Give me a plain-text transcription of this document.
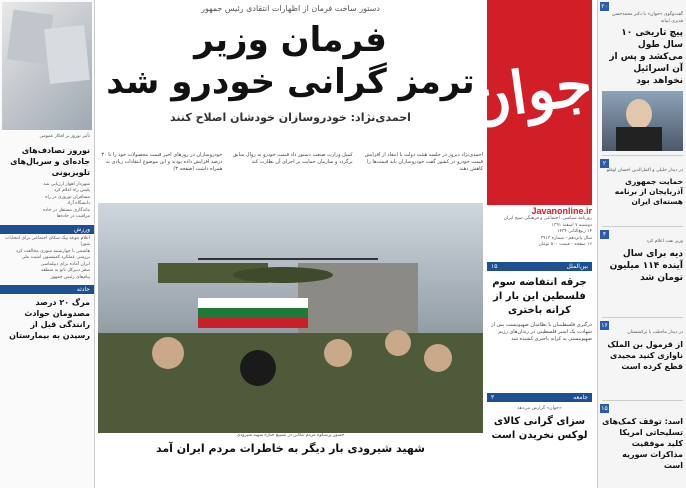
۲۰
گفت‌وگوی «جوان» با دکتر محمدحسن قدیری ابیانه
پیچ تاریخی ۱۰ سال طول می‌کشد و پس از آن اسرائیل نخواهد بود
۲
در دیدار جلیلی و اکمل‌الدین احسان اوغلو
حمایت جمهوری آذربایجان از برنامه هسته‌ای ایران
۴
وزیر نفت اعلام کرد
دیه برای سال آینده ۱۱۴ میلیون تومان شد
۱۶
در دیدار ماه‌طب با ترکمنستان
از قرمول بن الملک ناوازی کنید مجیدی قطع کرده است
۱۵
اسد: توقف کمک‌های تسلیحاتی امریکا کلید موفقیت مذاکرات سوریه است
جوان
Javanonline.ir
روزنامه سیاسی، اجتماعی و فرهنگی صبح ایران
دوشنبه ۷ اسفند ۱۳۹۱
۱۴ ربیع‌الثانی ۱۴۳۴
سال پانزدهم - شماره ۳۹۱۳
۱۶ صفحه - قیمت ۵۰۰ تومان
دستور ساخت فرمان از اظهارات انتقادی رئیس جمهور
فرمان وزیر
ترمز گرانی خودرو شد
احمدی‌نژاد: خودروسازان خودشان اصلاح کنند
احمدی‌نژاد دیروز در جلسه هیئت دولت با انتقاد از افزایش قیمت خودرو در کشور گفت خودروسازان باید قیمت‌ها را کاهش دهند
کمیل وزارت صنعت دستور داد قیمت خودرو به روال سابق برگردد و سازمان حمایت بر اجرای آن نظارت کند
خودروسازان در روزهای اخیر قیمت محصولات خود را تا ۳۰ درصد افزایش داده بودند و این موضوع انتقادات زیادی به همراه داشت (صفحه ۳)
حضور پرشکوه مردم تنکابن در تشییع جنازه شهید شیرودی
شهید شیرودی بار دیگر به خاطرات مردم ایران آمد
بین‌الملل
۱۵
جرقه انتفاضه سوم فلسطین این بار از کرانه باختری
درگیری فلسطینیان با نظامیان صهیونیست پس از شهادت یک اسیر فلسطینی در زندان‌های رژیم صهیونیستی به کرانه باختری کشیده شد
جامعه
۳
«جوان» گزارش می‌دهد
سزای گرانی کالای لوکس نخریدن است
تأثیر نوروز بر افکار عمومی
نوروز تصادف‌های جاده‌ای و سریال‌های تلویزیونی
شهردار اهواز ارزیابی شد
پلیس راه اعلام کرد
مسافران نوروزی در راه
دانشگاه آزاد
ماندگاری مستقل در جاده
مراقبت در جاده‌ها
ورزش
اعلام موعد پیک سکای اجتماعی برای انتخابات شورا
هاشمی با چهارشنبه سوری مخالفت کرد
بررسی عملکرد کمیسیون امنیت ملی
ایران آماده برای دیپلماسی
سفر دبیرکل ناتو به منطقه
پیام‌های رئیس جمهور
حادثه
مرگ ۲۰ درصد مصدومان حوادث رانندگی قبل از رسیدن به بیمارستان
